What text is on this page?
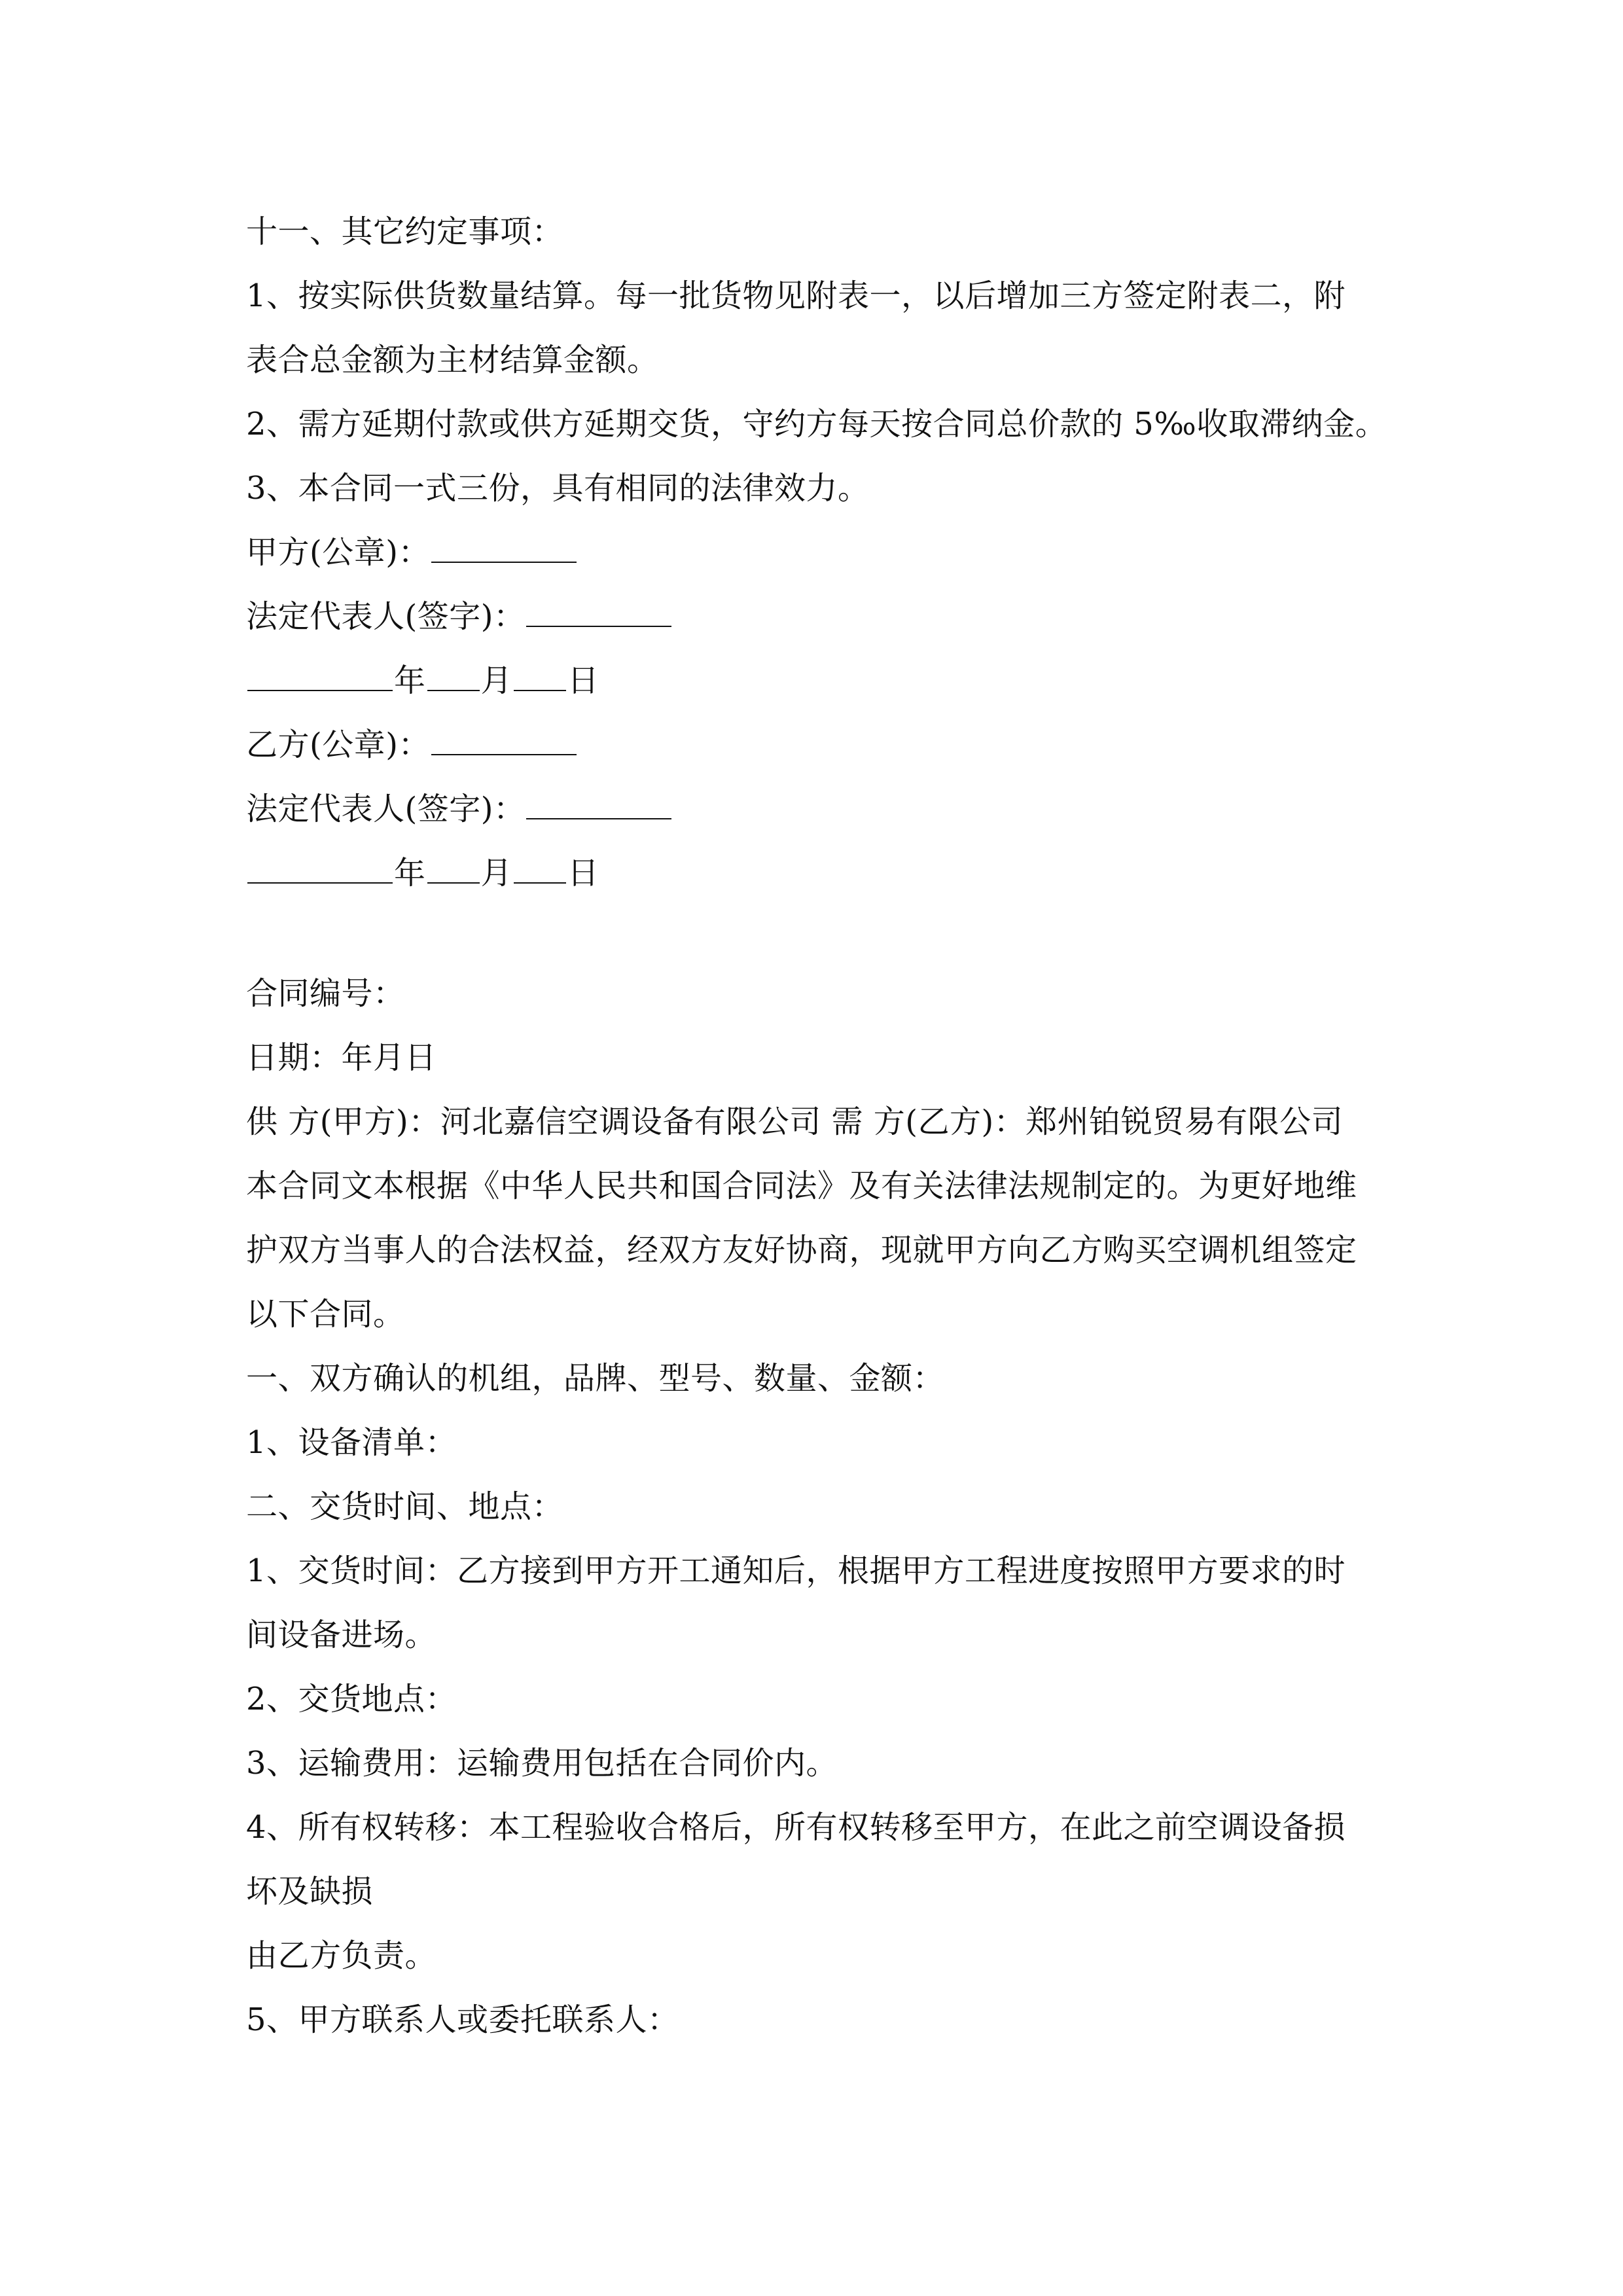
十一、其它约定事项：
1、按实际供货数量结算。每一批货物见附表一，以后增加三方签定附表二，附
表合总金额为主材结算金额。
2、需方延期付款或供方延期交货，守约方每天按合同总价款的 5‰收取滞纳金。
3、本合同一式三份，具有相同的法律效力。
甲方(公章)：
法定代表人(签字)：
年 月 日
乙方(公章)：
法定代表人(签字)：
年 月 日
合同编号：
日期：年月日
供 方(甲方)：河北嘉信空调设备有限公司 需 方(乙方)：郑州铂锐贸易有限公司
本合同文本根据《中华人民共和国合同法》及有关法律法规制定的。为更好地维
护双方当事人的合法权益，经双方友好协商，现就甲方向乙方购买空调机组签定
以下合同。
一、双方确认的机组，品牌、型号、数量、金额：
1、设备清单：
二、交货时间、地点：
1、交货时间：乙方接到甲方开工通知后，根据甲方工程进度按照甲方要求的时
间设备进场。
2、交货地点：
3、运输费用：运输费用包括在合同价内。
4、所有权转移：本工程验收合格后，所有权转移至甲方，在此之前空调设备损
坏及缺损
由乙方负责。
5、甲方联系人或委托联系人：
